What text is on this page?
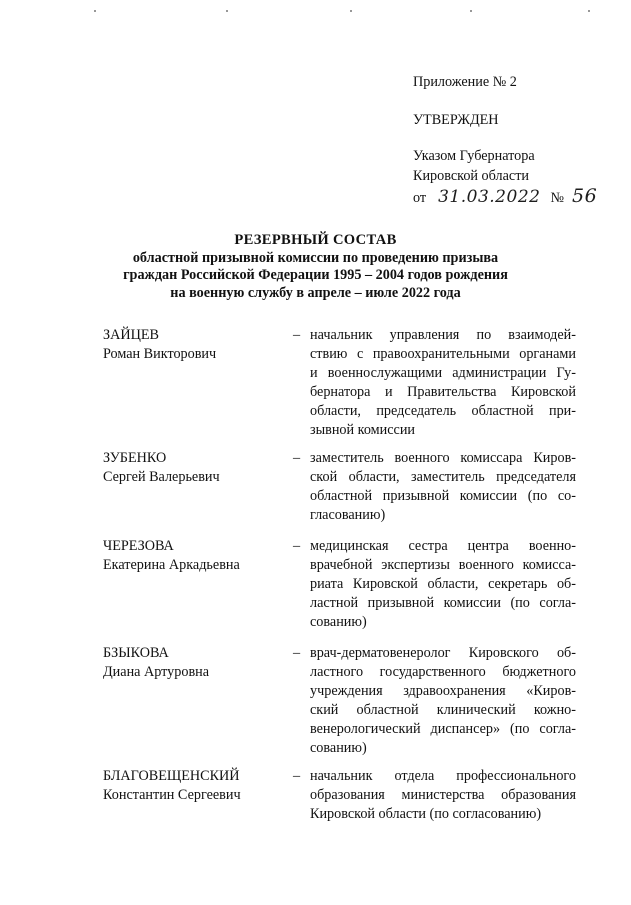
Приложение № 2
УТВЕРЖДЕН
Указом Губернатора
Кировской области
от 31.03.2022 № 56
РЕЗЕРВНЫЙ СОСТАВ
областной призывной комиссии по проведению призыва
граждан Российской Федерации 1995 – 2004 годов рождения
на военную службу в апреле – июле 2022 года
ЗАЙЦЕВ
Роман Викторович
– начальник управления по взаимодей-
ствию с правоохранительными органами
и военнослужащими администрации Гу-
бернатора и Правительства Кировской
области, председатель областной при-
зывной комиссии
ЗУБЕНКО
Сергей Валерьевич
– заместитель военного комиссара Киров-
ской области, заместитель председателя
областной призывной комиссии (по со-
гласованию)
ЧЕРЕЗОВА
Екатерина Аркадьевна
– медицинская сестра центра военно-
врачебной экспертизы военного комисса-
риата Кировской области, секретарь об-
ластной призывной комиссии (по согла-
сованию)
БЗЫКОВА
Диана Артуровна
– врач-дерматовенеролог Кировского об-
ластного государственного бюджетного
учреждения здравоохранения «Киров-
ский областной клинический кожно-
венерологический диспансер» (по согла-
сованию)
БЛАГОВЕЩЕНСКИЙ
Константин Сергеевич
– начальник отдела профессионального
образования министерства образования
Кировской области (по согласованию)
